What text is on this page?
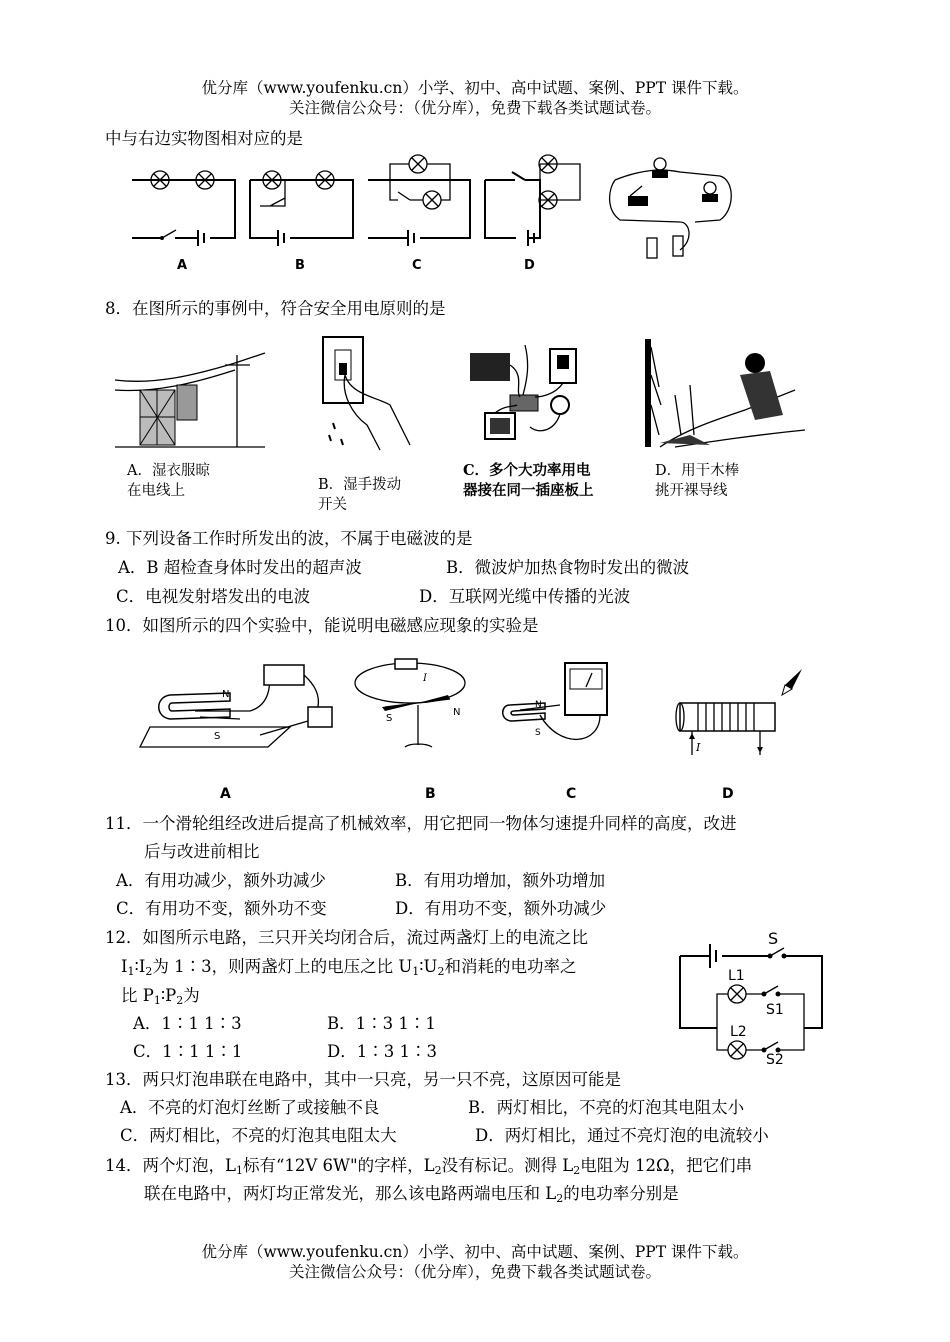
优分库（www.youfenku.cn）小学、初中、高中试题、案例、PPT 课件下载。
关注微信公众号：（优分库），免费下载各类试题试卷。
中与右边实物图相对应的是
A	B	C	D
8．在图所示的事例中，符合安全用电原则的是
A．湿衣服晾
在电线上	B．湿手拨动
开关
C．多个大功率用电
器接在同一插座板上
D．用干木棒
挑开裸导线
9. 下列设备工作时所发出的波，不属于电磁波的是
A．B 超检查身体时发出的超声波	B．微波炉加热食物时发出的微波
C．电视发射塔发出的电波	D．互联网光缆中传播的光波
10．如图所示的四个实验中，能说明电磁感应现象的实验是
N
S
I
S
N
N
S
I
A	B	C	D
11．一个滑轮组经改进后提高了机械效率，用它把同一物体匀速提升同样的高度，改进
后与改进前相比
A．有用功减少，额外功减少	B．有用功增加，额外功增加
C．有用功不变，额外功不变	D．有用功不变，额外功减少
12．如图所示电路，三只开关均闭合后，流过两盏灯上的电流之比
$I_1∶I_2$为 1∶3，则两盏灯上的电压之比 $U_1∶U_2$和消耗的电功率之
比 $P_1∶P_2$为
A．1∶1 1∶3	B．1∶3 1∶1
C．1∶1 1∶1	D．1∶3 1∶3
S
L1
S1
L2
S2
13．两只灯泡串联在电路中，其中一只亮，另一只不亮，这原因可能是
A．不亮的灯泡灯丝断了或接触不良	B．两灯相比，不亮的灯泡其电阻太小
C．两灯相比，不亮的灯泡其电阻太大	D．两灯相比，通过不亮灯泡的电流较小
14．两个灯泡，$L_1$标有“12V 6W"的字样，$L_2$没有标记。测得 $L_2$电阻为 12Ω，把它们串
联在电路中，两灯均正常发光，那么该电路两端电压和 $L_2$的电功率分别是
优分库（www.youfenku.cn）小学、初中、高中试题、案例、PPT 课件下载。
关注微信公众号：（优分库），免费下载各类试题试卷。
